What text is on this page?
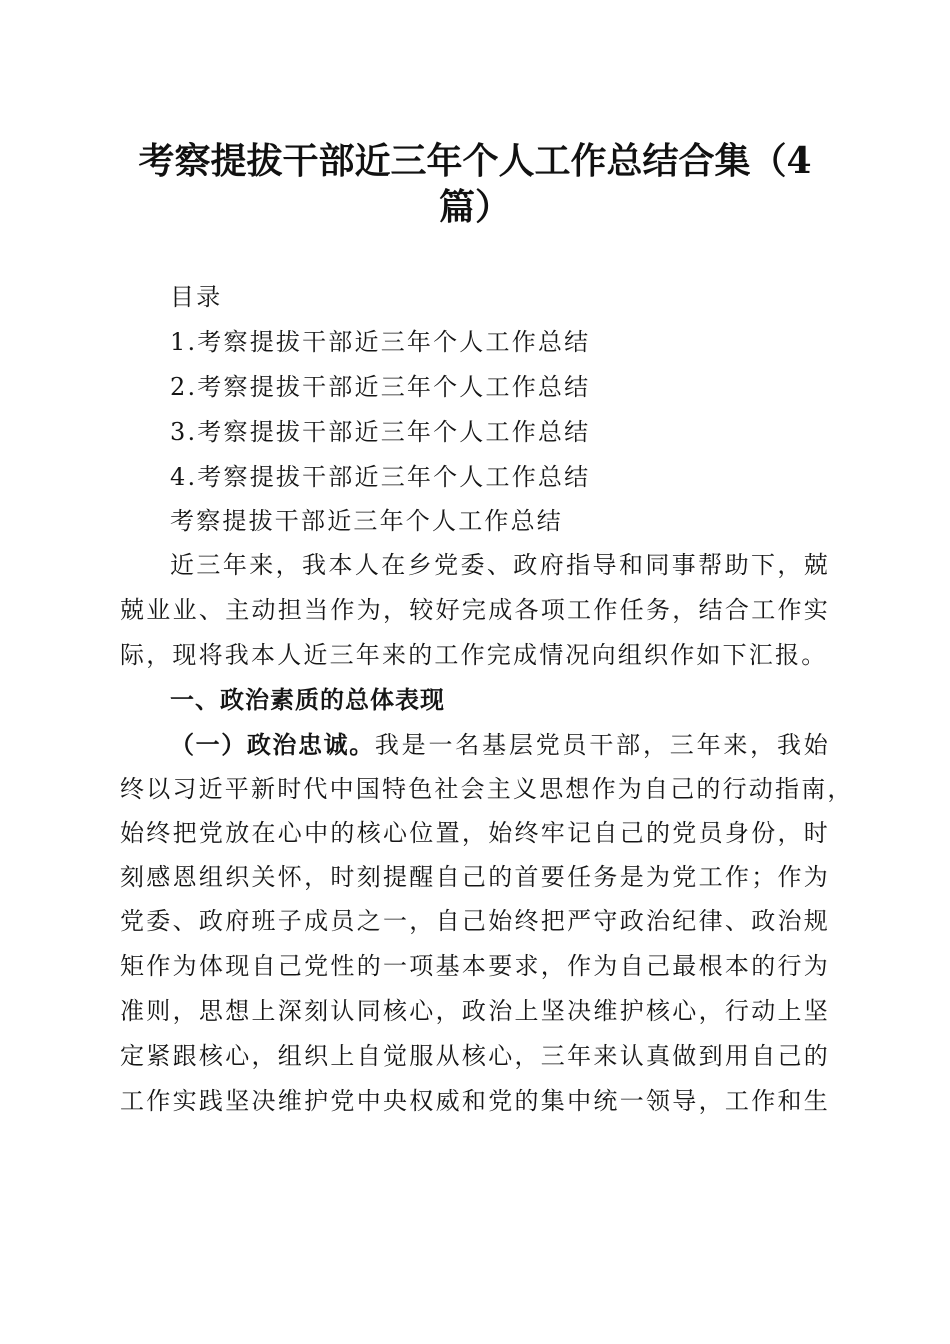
考察提拔干部近三年个人工作总结合集（4
篇）
目录
1.考察提拔干部近三年个人工作总结
2.考察提拔干部近三年个人工作总结
3.考察提拔干部近三年个人工作总结
4.考察提拔干部近三年个人工作总结
考察提拔干部近三年个人工作总结
近三年来，我本人在乡党委、政府指导和同事帮助下，兢
兢业业、主动担当作为，较好完成各项工作任务，结合工作实
际，现将我本人近三年来的工作完成情况向组织作如下汇报。
一、政治素质的总体表现
（一）政治忠诚。我是一名基层党员干部，三年来，我始
终以习近平新时代中国特色社会主义思想作为自己的行动指南，
始终把党放在心中的核心位置，始终牢记自己的党员身份，时
刻感恩组织关怀，时刻提醒自己的首要任务是为党工作；作为
党委、政府班子成员之一，自己始终把严守政治纪律、政治规
矩作为体现自己党性的一项基本要求，作为自己最根本的行为
准则，思想上深刻认同核心，政治上坚决维护核心，行动上坚
定紧跟核心，组织上自觉服从核心，三年来认真做到用自己的
工作实践坚决维护党中央权威和党的集中统一领导，工作和生
